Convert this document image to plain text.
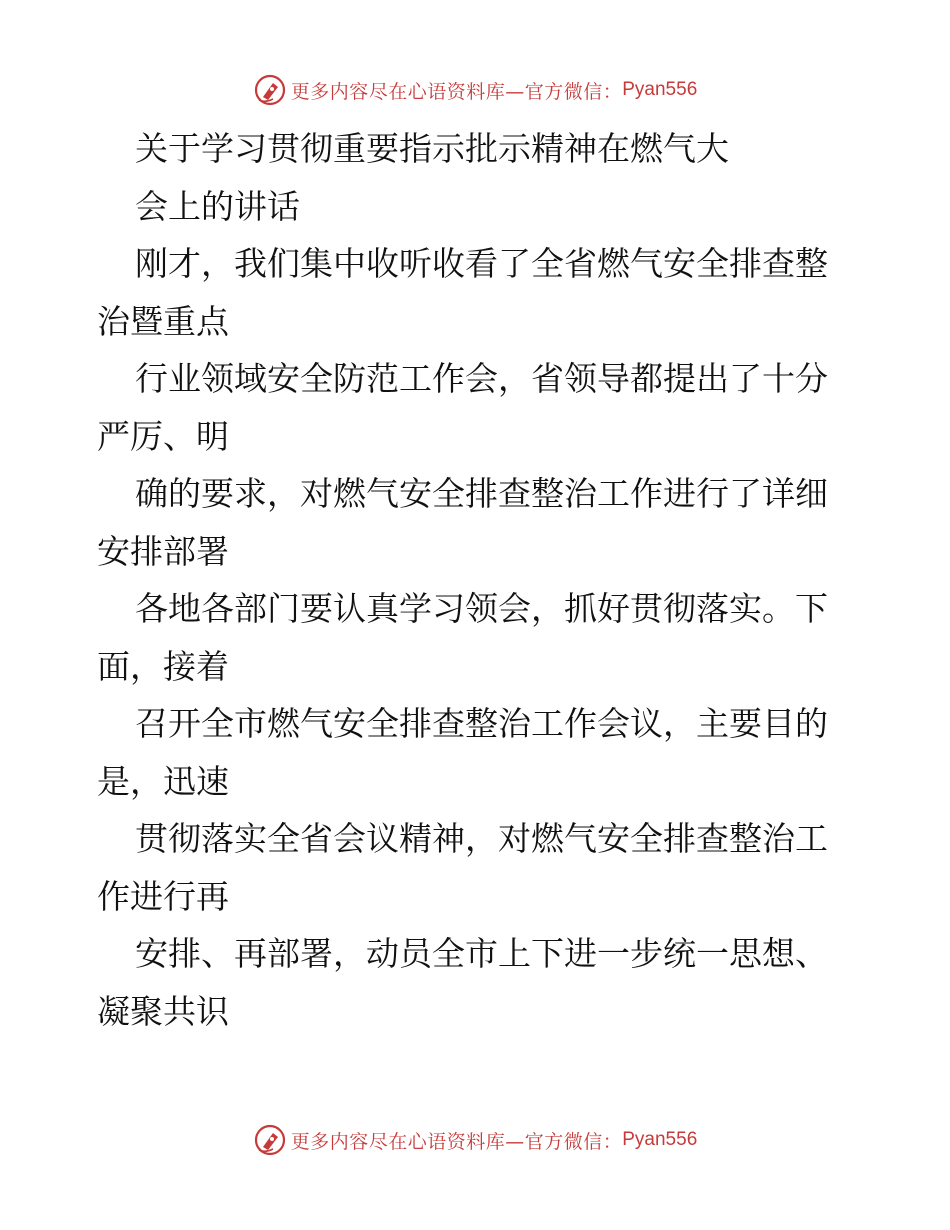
更多内容尽在心语资料库—官方微信： Pyan556
关于学习贯彻重要指示批示精神在燃气大
会上的讲话
刚才，我们集中收听收看了全省燃气安全排查整
治暨重点
行业领域安全防范工作会，省领导都提出了十分
严厉、明
确的要求，对燃气安全排查整治工作进行了详细
安排部署
各地各部门要认真学习领会，抓好贯彻落实。下
面，接着
召开全市燃气安全排查整治工作会议，主要目的
是，迅速
贯彻落实全省会议精神，对燃气安全排查整治工
作进行再
安排、再部署，动员全市上下进一步统一思想、
凝聚共识
更多内容尽在心语资料库—官方微信： Pyan556
